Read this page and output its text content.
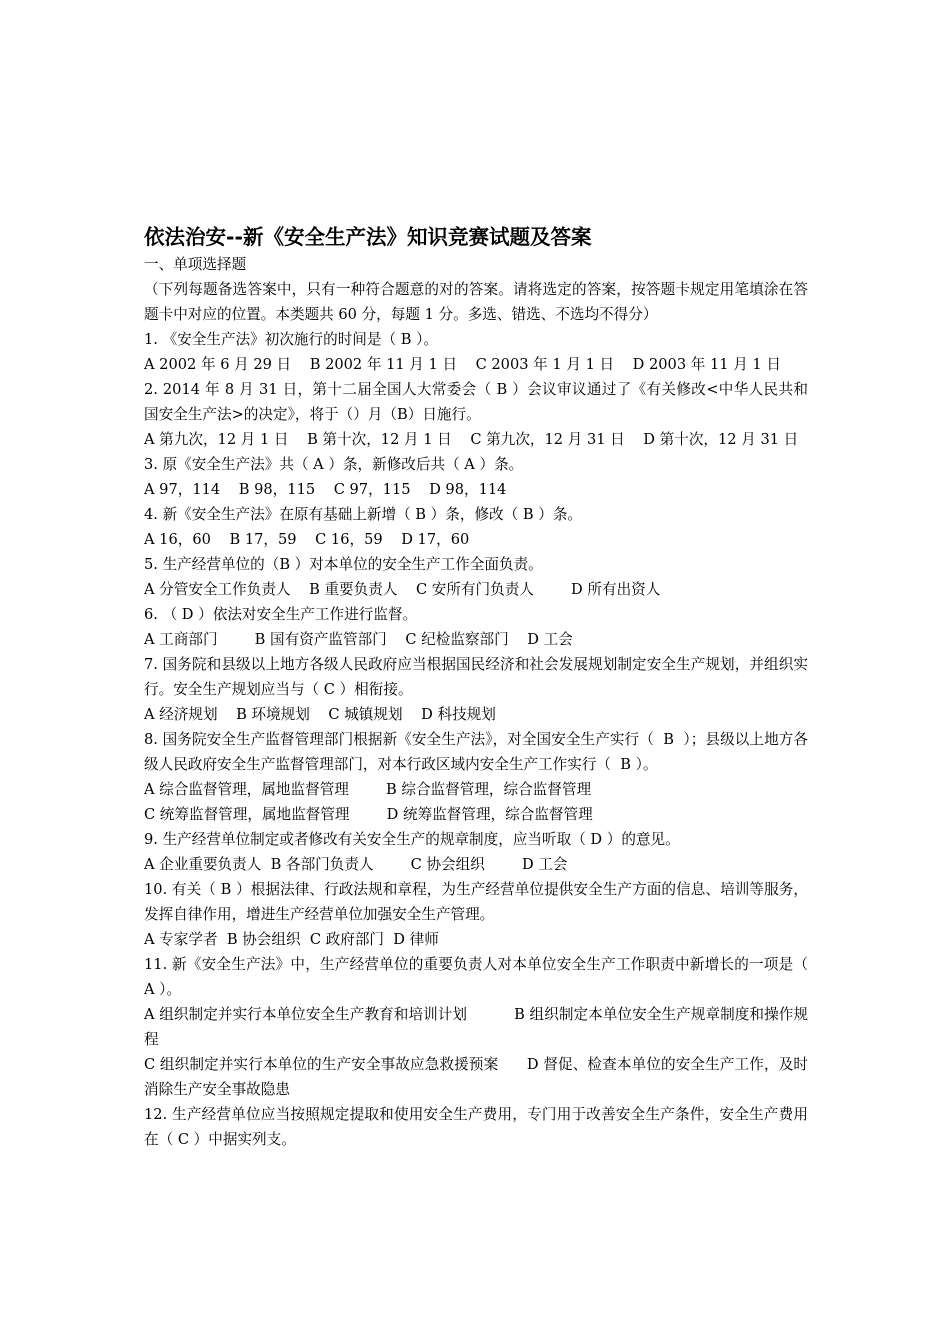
依法治安--新《安全生产法》知识竞赛试题及答案
一、单项选择题
（下列每题备选答案中，只有一种符合题意的对的答案。请将选定的答案，按答题卡规定用笔填涂在答题卡中对应的位置。本类题共 60 分，每题 1 分。多选、错选、不选均不得分）
1. 《安全生产法》初次施行的时间是（ B ）。
A 2002 年 6 月 29 日    B 2002 年 11 月 1 日    C 2003 年 1 月 1 日    D 2003 年 11 月 1 日
2. 2014 年 8 月 31 日，第十二届全国人大常委会（ B ）会议审议通过了《有关修改<中华人民共和国安全生产法>的决定》，将于（）月（B）日施行。
A 第九次，12 月 1 日    B 第十次，12 月 1 日    C 第九次，12 月 31 日    D 第十次，12 月 31 日
3. 原《安全生产法》共（ A ）条，新修改后共（ A ）条。
A 97，114    B 98，115    C 97，115    D 98，114
4. 新《安全生产法》在原有基础上新增（ B ）条，修改（ B ）条。
A 16，60    B 17，59    C 16，59    D 17，60
5. 生产经营单位的（B ）对本单位的安全生产工作全面负责。
A 分管安全工作负责人    B 重要负责人    C 安所有门负责人        D 所有出资人
6. （ D ）依法对安全生产工作进行监督。
A 工商部门        B 国有资产监管部门    C 纪检监察部门    D 工会
7. 国务院和县级以上地方各级人民政府应当根据国民经济和社会发展规划制定安全生产规划，并组织实行。安全生产规划应当与（ C ）相衔接。
A 经济规划    B 环境规划    C 城镇规划    D 科技规划
8. 国务院安全生产监督管理部门根据新《安全生产法》，对全国安全生产实行（  B  ）；县级以上地方各级人民政府安全生产监督管理部门，对本行政区域内安全生产工作实行（  B ）。
A 综合监督管理，属地监督管理        B 综合监督管理，综合监督管理
C 统筹监督管理，属地监督管理        D 统筹监督管理，综合监督管理
9. 生产经营单位制定或者修改有关安全生产的规章制度，应当听取（ D ）的意见。
A 企业重要负责人  B 各部门负责人        C 协会组织        D 工会
10. 有关（ B ）根据法律、行政法规和章程，为生产经营单位提供安全生产方面的信息、培训等服务，发挥自律作用，增进生产经营单位加强安全生产管理。
A 专家学者  B 协会组织  C 政府部门  D 律师
11. 新《安全生产法》中，生产经营单位的重要负责人对本单位安全生产工作职责中新增长的一项是（ A ）。
A 组织制定并实行本单位安全生产教育和培训计划          B 组织制定本单位安全生产规章制度和操作规程
C 组织制定并实行本单位的生产安全事故应急救援预案      D 督促、检查本单位的安全生产工作，及时消除生产安全事故隐患
12. 生产经营单位应当按照规定提取和使用安全生产费用，专门用于改善安全生产条件，安全生产费用在（ C ）中据实列支。
